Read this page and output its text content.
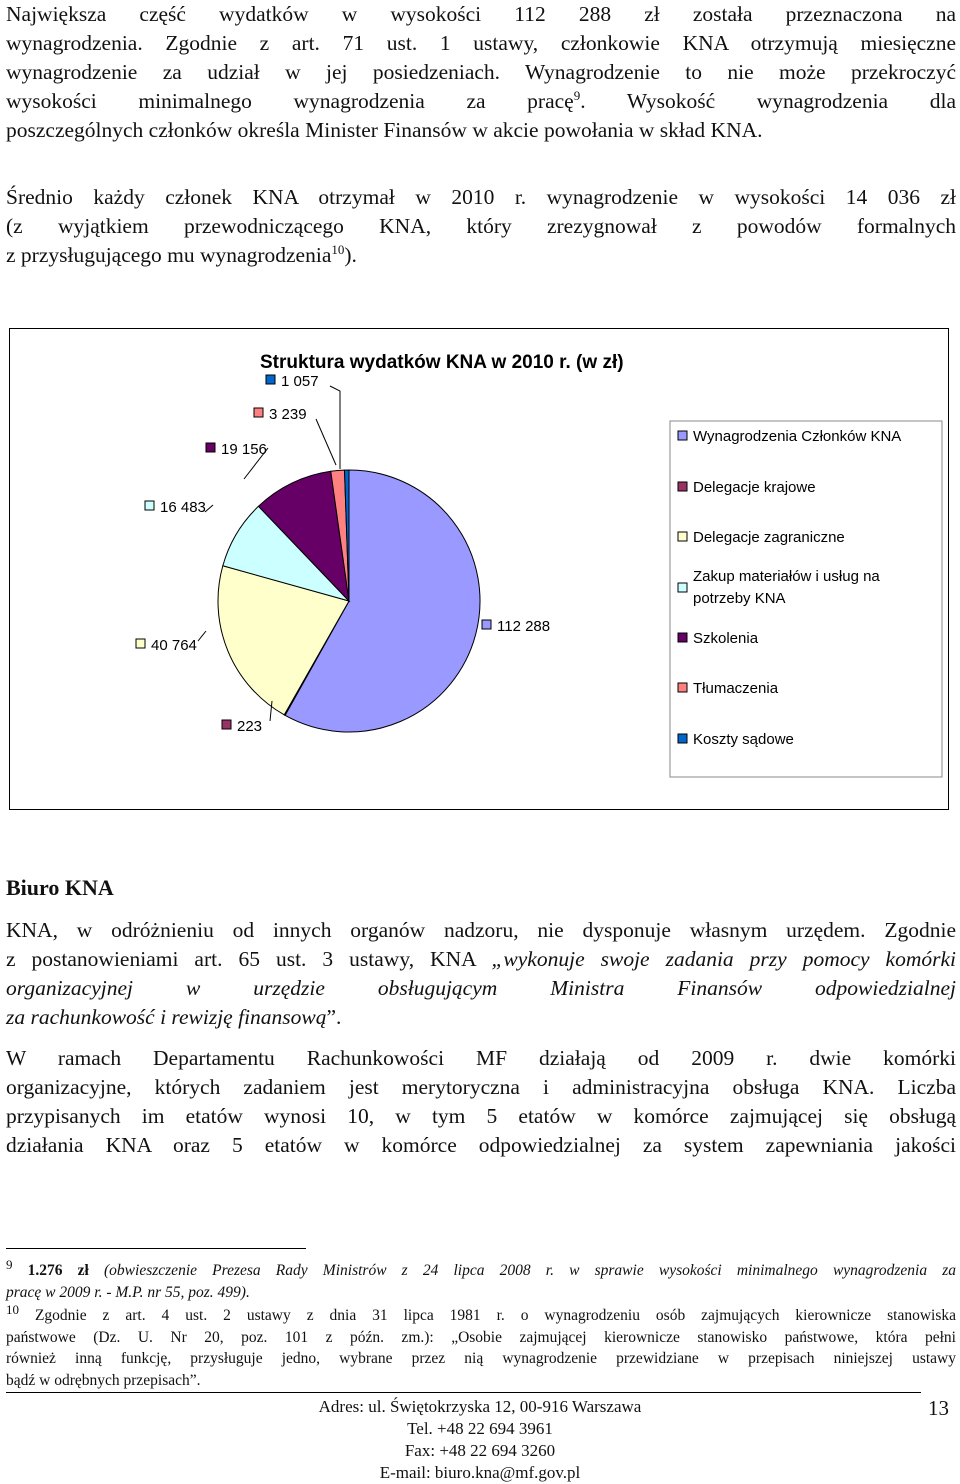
Największa część wydatków w wysokości 112 288 zł została przeznaczona na
wynagrodzenia. Zgodnie z art. 71 ust. 1 ustawy, członkowie KNA otrzymują miesięczne
wynagrodzenie za udział w jej posiedzeniach. Wynagrodzenie to nie może przekroczyć
wysokości minimalnego wynagrodzenia za pracę$^9$. Wysokość wynagrodzenia dla
poszczególnych członków określa Minister Finansów w akcie powołania w skład KNA.
Średnio każdy członek KNA otrzymał w 2010 r. wynagrodzenie w wysokości 14 036 zł
(z wyjątkiem przewodniczącego KNA, który zrezygnował z powodów formalnych
z przysługującego mu wynagrodzenia$^{10}$).
Struktura wydatków KNA w 2010 r. (w zł)
112 288
223
40 764
16 483
19 156
3 239
1 057
Wynagrodzenia Członków KNA
Delegacje krajowe
Delegacje zagraniczne
Zakup materiałów i usług na
potrzeby KNA
Szkolenia
Tłumaczenia
Koszty sądowe
Biuro KNA
KNA, w odróżnieniu od innych organów nadzoru, nie dysponuje własnym urzędem. Zgodnie
z postanowieniami art. 65 ust. 3 ustawy, KNA „wykonuje swoje zadania przy pomocy komórki
organizacyjnej w urzędzie obsługującym Ministra Finansów odpowiedzialnej
za rachunkowość i rewizję finansową”.
W ramach Departamentu Rachunkowości MF działają od 2009 r. dwie komórki
organizacyjne, których zadaniem jest merytoryczna i administracyjna obsługa KNA. Liczba
przypisanych im etatów wynosi 10, w tym 5 etatów w komórce zajmującej się obsługą
działania KNA oraz 5 etatów w komórce odpowiedzialnej za system zapewniania jakości
$^9$ 1.276 zł (obwieszczenie Prezesa Rady Ministrów z 24 lipca 2008 r. w sprawie wysokości minimalnego wynagrodzenia za
pracę w 2009 r. - M.P. nr 55, poz. 499).
$^{10}$ Zgodnie z art. 4 ust. 2 ustawy z dnia 31 lipca 1981 r. o wynagrodzeniu osób zajmujących kierownicze stanowiska
państwowe (Dz. U. Nr 20, poz. 101 z późn. zm.): „Osobie zajmującej kierownicze stanowisko państwowe, która pełni
również inną funkcję, przysługuje jedno, wybrane przez nią wynagrodzenie przewidziane w przepisach niniejszej ustawy
bądź w odrębnych przepisach”.
Adres: ul. Świętokrzyska 12, 00-916 Warszawa
Tel. +48 22 694 3961
Fax: +48 22 694 3260
E-mail: biuro.kna@mf.gov.pl
13
